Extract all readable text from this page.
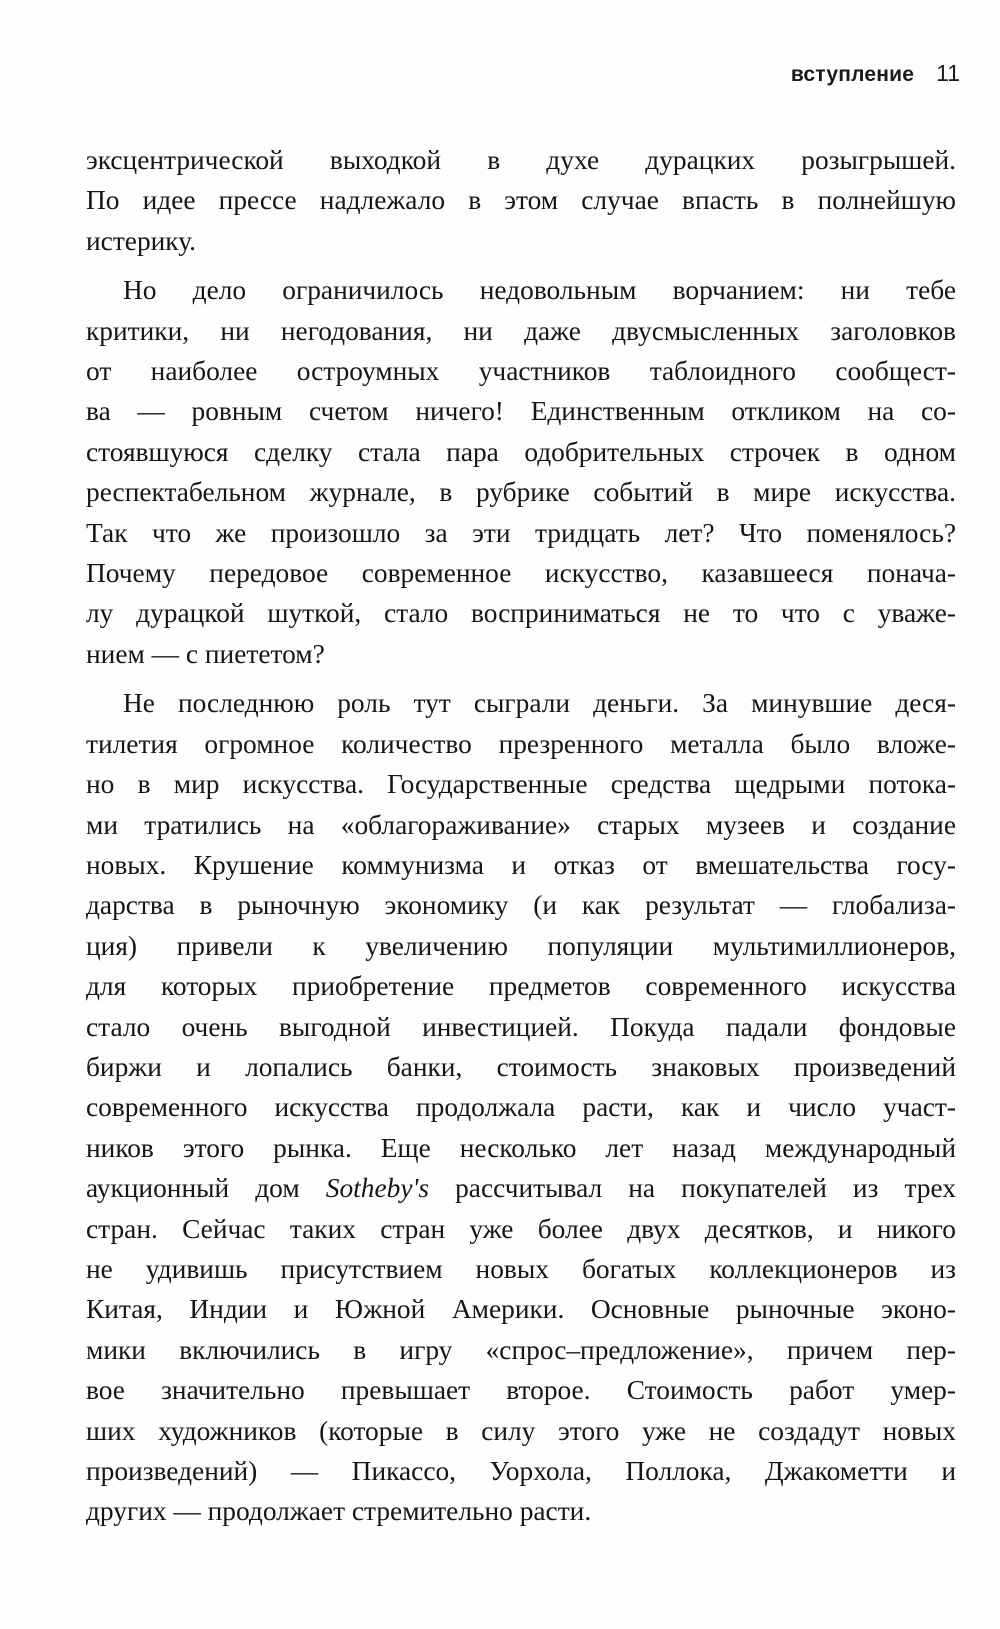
вступление 11

эксцентрической выходкой в духе дурацких розыгрышей.
По идее прессе надлежало в этом случае впасть в полнейшую
истерику.

Но дело ограничилось недовольным ворчанием: ни тебе
критики, ни негодования, ни даже двусмысленных заголовков
от наиболее остроумных участников таблоидного сообщест-
ва — ровным счетом ничего! Единственным откликом на со-
стоявшуюся сделку стала пара одобрительных строчек в одном
респектабельном журнале, в рубрике событий в мире искусства.
Так что же произошло за эти тридцать лет? Что поменялось?
Почему передовое современное искусство, казавшееся понача-
лу дурацкой шуткой, стало восприниматься не то что с уваже-
нием — с пиететом?

Не последнюю роль тут сыграли деньги. За минувшие деся-
тилетия огромное количество презренного металла было вложе-
но в мир искусства. Государственные средства щедрыми потока-
ми тратились на «облагораживание» старых музеев и создание
новых. Крушение коммунизма и отказ от вмешательства госу-
дарства в рыночную экономику (и как результат — глобализа-
ция) привели к увеличению популяции мультимиллионеров,
для которых приобретение предметов современного искусства
стало очень выгодной инвестицией. Покуда падали фондовые
биржи и лопались банки, стоимость знаковых произведений
современного искусства продолжала расти, как и число участ-
ников этого рынка. Еще несколько лет назад международный
аукционный дом Sotheby's рассчитывал на покупателей из трех
стран. Сейчас таких стран уже более двух десятков, и никого
не удивишь присутствием новых богатых коллекционеров из
Китая, Индии и Южной Америки. Основные рыночные эконо-
мики включились в игру «спрос–предложение», причем пер-
вое значительно превышает второе. Стоимость работ умер-
ших художников (которые в силу этого уже не создадут новых
произведений) — Пикассо, Уорхола, Поллока, Джакометти и
других — продолжает стремительно расти.
